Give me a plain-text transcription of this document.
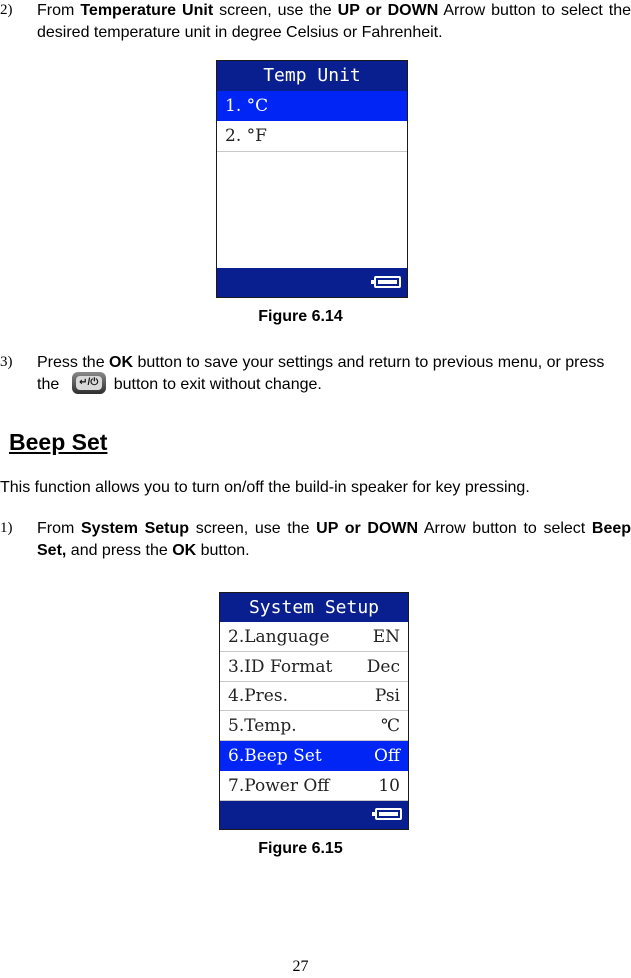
2) From Temperature Unit screen, use the UP or DOWN Arrow button to select the desired temperature unit in degree Celsius or Fahrenheit.
Temp Unit
1. °C
2. °F
Figure 6.14
3) Press the OK button to save your settings and return to previous menu, or press the	↵/⏻ button to exit without change.
Beep Set
This function allows you to turn on/off the build-in speaker for key pressing.
1) From System Setup screen, use the UP or DOWN Arrow button to select Beep Set, and press the OK button.
System Setup
2.Language	EN
3.ID Format Dec
4.Pres.	Psi
5.Temp.	℃
6.Beep Set	Off
7.Power Off	10
Figure 6.15
27
